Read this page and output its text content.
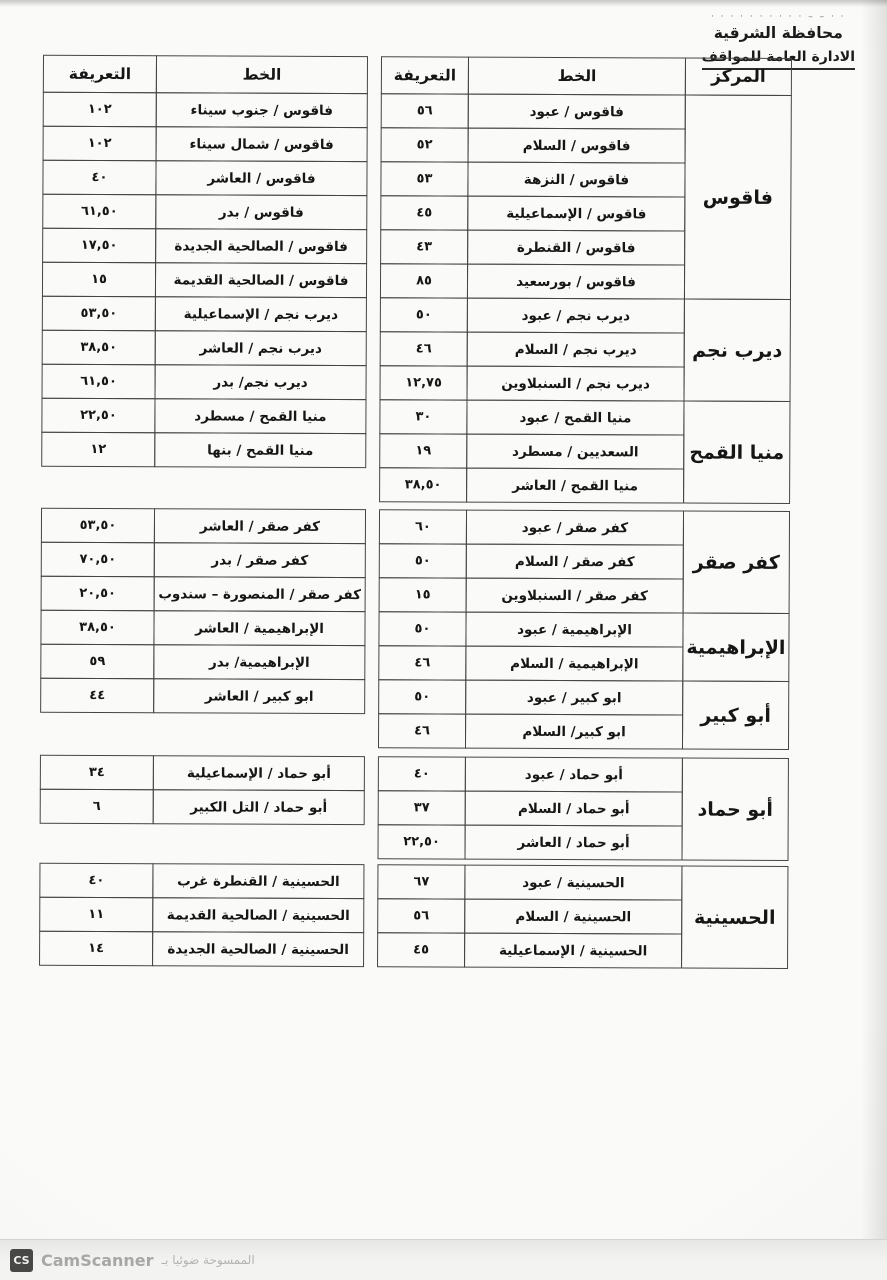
· · – – · · · · · · · · · ·
محافظة الشرقية
الادارة العامة للمواقف
المركز
الخط
التعريفة
الخط
التعريفة
فاقوس
فاقوس / عبود
٥٦
فاقوس / السلام
٥٢
فاقوس / النزهة
٥٣
فاقوس / الإسماعيلية
٤٥
فاقوس / القنطرة
٤٣
فاقوس / بورسعيد
٨٥
فاقوس / جنوب سيناء
١٠٢
فاقوس / شمال سيناء
١٠٢
فاقوس / العاشر
٤٠
فاقوس / بدر
٦١,٥٠
فاقوس / الصالحية الجديدة
١٧,٥٠
فاقوس / الصالحية القديمة
١٥
ديرب نجم
ديرب نجم / عبود
٥٠
ديرب نجم / السلام
٤٦
ديرب نجم / السنبلاوين
١٢,٧٥
ديرب نجم / الإسماعيلية
٥٣,٥٠
ديرب نجم / العاشر
٣٨,٥٠
ديرب نجم/ بدر
٦١,٥٠
منيا القمح
منيا القمح / عبود
٣٠
السعديين / مسطرد
١٩
منيا القمح / العاشر
٣٨,٥٠
منيا القمح / مسطرد
٢٢,٥٠
منيا القمح / بنها
١٢
كفر صقر
كفر صقر / عبود
٦٠
كفر صقر / السلام
٥٠
كفر صقر / السنبلاوين
١٥
كفر صقر / العاشر
٥٣,٥٠
كفر صقر / بدر
٧٠,٥٠
كفر صقر / المنصورة – سندوب
٢٠,٥٠
الإبراهيمية
الإبراهيمية / عبود
٥٠
الإبراهيمية / السلام
٤٦
الإبراهيمية / العاشر
٣٨,٥٠
الإبراهيمية/ بدر
٥٩
أبو كبير
ابو كبير / عبود
٥٠
ابو كبير/ السلام
٤٦
ابو كبير / العاشر
٤٤
أبو حماد
أبو حماد / عبود
٤٠
أبو حماد / السلام
٣٧
أبو حماد / العاشر
٢٢,٥٠
أبو حماد / الإسماعيلية
٣٤
أبو حماد / التل الكبير
٦
الحسينية
الحسينية / عبود
٦٧
الحسينية / السلام
٥٦
الحسينية / الإسماعيلية
٤٥
الحسينية / القنطرة غرب
٤٠
الحسينية / الصالحية القديمة
١١
الحسينية / الصالحية الجديدة
١٤
CS CamScanner الممسوحة ضوئيا بـ
